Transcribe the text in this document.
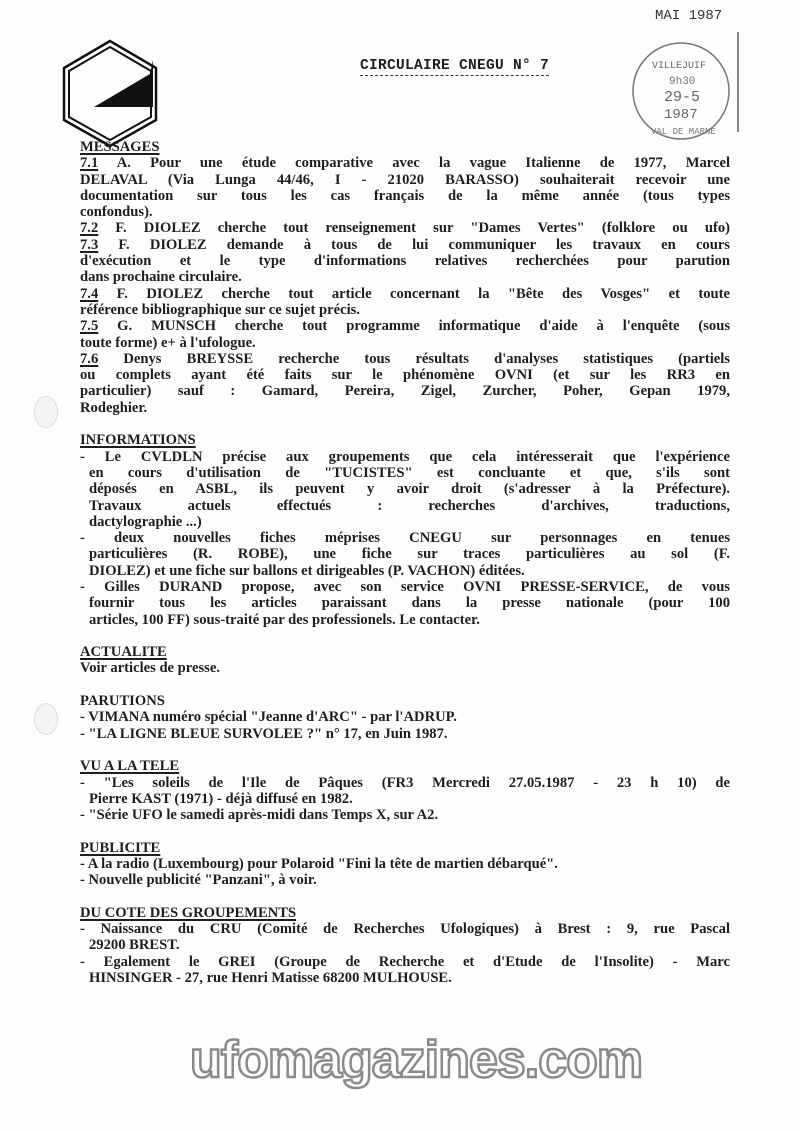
MAI 1987
CIRCULAIRE CNEGU N° 7	VILLEJUIF
9h30
29-5
1987
VAL DE MARNE
MESSAGES
7.1 A. Pour une étude comparative avec la vague Italienne de 1977, Marcel
DELAVAL (Via Lunga 44/46, I - 21020 BARASSO) souhaiterait recevoir une
documentation sur tous les cas français de la même année (tous types
confondus).
7.2 F. DIOLEZ cherche tout renseignement sur "Dames Vertes" (folklore ou ufo)
7.3 F. DIOLEZ demande à tous de lui communiquer les travaux en cours
d'exécution et le type d'informations relatives recherchées pour parution
dans prochaine circulaire.
7.4 F. DIOLEZ cherche tout article concernant la "Bête des Vosges" et toute
référence bibliographique sur ce sujet précis.
7.5 G. MUNSCH cherche tout programme informatique d'aide à l'enquête (sous
toute forme) e+ à l'ufologue.
7.6 Denys BREYSSE recherche tous résultats d'analyses statistiques (partiels
ou complets ayant été faits sur le phénomène OVNI (et sur les RR3 en
particulier) sauf : Gamard, Pereira, Zigel, Zurcher, Poher, Gepan 1979,
Rodeghier.
INFORMATIONS
- Le CVLDLN précise aux groupements que cela intéresserait que l'expérience
en cours d'utilisation de "TUCISTES" est concluante et que, s'ils sont
déposés en ASBL, ils peuvent y avoir droit (s'adresser à la Préfecture).
Travaux actuels effectués : recherches d'archives, traductions,
dactylographie ...)
- deux nouvelles fiches méprises CNEGU sur personnages en tenues
particulières (R. ROBE), une fiche sur traces particulières au sol (F.
DIOLEZ) et une fiche sur ballons et dirigeables (P. VACHON) éditées.
- Gilles DURAND propose, avec son service OVNI PRESSE-SERVICE, de vous
fournir tous les articles paraissant dans la presse nationale (pour 100
articles, 100 FF) sous-traité par des professionels. Le contacter.
ACTUALITE
Voir articles de presse.
PARUTIONS
- VIMANA numéro spécial "Jeanne d'ARC" - par l'ADRUP.
- "LA LIGNE BLEUE SURVOLEE ?" n° 17, en Juin 1987.
VU A LA TELE
- "Les soleils de l'Ile de Pâques (FR3 Mercredi 27.05.1987 - 23 h 10) de
Pierre KAST (1971) - déjà diffusé en 1982.
- "Série UFO le samedi après-midi dans Temps X, sur A2.
PUBLICITE
- A la radio (Luxembourg) pour Polaroid "Fini la tête de martien débarqué".
- Nouvelle publicité "Panzani", à voir.
DU COTE DES GROUPEMENTS
- Naissance du CRU (Comité de Recherches Ufologiques) à Brest : 9, rue Pascal
29200 BREST.
- Egalement le GREI (Groupe de Recherche et d'Etude de l'Insolite) - Marc
HINSINGER - 27, rue Henri Matisse 68200 MULHOUSE.
ufomagazines.com
